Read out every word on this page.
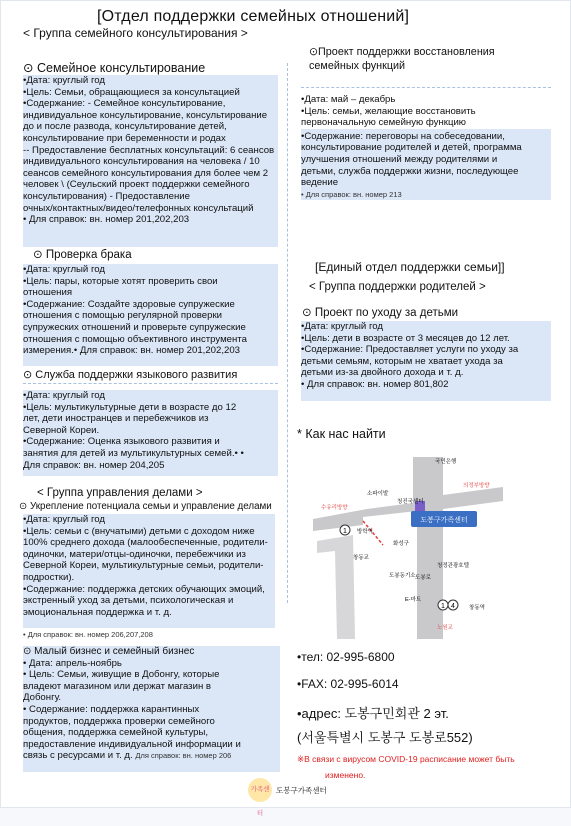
[Отдел поддержки семейных отношений]
< Группа семейного консультирования >
⊙ Семейное консультирование
•Дата: круглый год
•Цель: Семьи, обращающиеся за консультацией
•Содержание: - Семейное консультирование,
индивидуальное консультирование, консультирование
до и после развода, консультирование детей,
консультирование при беременности и родах
-- Предоставление бесплатных консультаций: 6 сеансов
индивидуального консультирования на человека / 10
сеансов семейного консультирования для более чем 2
человек \ (Сеульский проект поддержки семейного
консультирования) - Предоставление
очных/контактных/видео/телефонных консультаций
• Для справок: вн. номер 201,202,203
⊙ Проверка брака
•Дата: круглый год
•Цель: пары, которые хотят проверить свои
отношения
•Содержание: Создайте здоровые супружеские
отношения с помощью регулярной проверки
супружеских отношений и проверьте супружеские
отношения с помощью объективного инструмента
измерения.• Для справок: вн. номер 201,202,203
⊙ Служба поддержки языкового развития
•Дата: круглый год
•Цель: мультикультурные дети в возрасте до 12
лет, дети иностранцев и перебежчиков из
Северной Кореи.
•Содержание: Оценка языкового развития и
занятия для детей из мультикультурных семей.• •
Для справок: вн. номер 204,205
< Группа управления делами >
⊙ Укрепление потенциала семьи и управление делами
•Дата: круглый год
•Цель: семьи с (внучатыми) детьми с доходом ниже
100% среднего дохода (малообеспеченные, родители-
одиночки, матери/отцы-одиночки, перебежчики из
Северной Кореи, мультикультурные семьи, родители-
подростки).
•Содержание: поддержка детских обучающих эмоций,
экстренный уход за детьми, психологическая и
эмоциональная поддержка и т. д.
• Для справок: вн. номер 206,207,208
⊙ Малый бизнес и семейный бизнес
• Дата: апрель-ноябрь
• Цель: Семьи, живущие в Добонгу, которые
владеют магазином или держат магазин в
Добонгу.
• Содержание: поддержка карантинных
продуктов, поддержка проверки семейного
общения, поддержка семейной культуры,
предоставление индивидуальной информации и
связь с ресурсами и т. д. Для справок: вн. номер 206
⊙Проект поддержки восстановления
семейных функций
•Дата: май – декабрь
•Цель: семьи, желающие восстановить
первоначальную семейную функцию
•Содержание: переговоры на собеседовании,
консультирование родителей и детей, программа
улучшения отношений между родителями и
детьми, служба поддержки жизни, последующее
ведение
• Для справок: вн. номер 213
[Единый отдел поддержки семьи]]
< Группа поддержки родителей >
⊙ Проект по уходу за детьми
•Дата: круглый год
•Цель: дети в возрасте от 3 месяцев до 12 лет.
•Содержание: Предоставляет услуги по уходу за
детьми семьям, которым не хватает ухода за
детьми из-за двойного дохода и т. д.
• Для справок: вн. номер 801,802
* Как нас найти
도봉구가족센터
1
1 4
국민은행
소파이발
수유리방향
방학역
창동교
화성구
의정부방향
청진국센터
도봉로
도봉동기소
E-마트
청정관광호텔
창동역
노원교
•тел: 02-995-6800
•FAX: 02-995-6014
•адрес: 도봉구민회관 2 эт.
(서울특별시 도봉구 도봉로552)
※В связи с вирусом COVID-19 расписание может быть
изменено.
가족센터
도봉구가족센터
